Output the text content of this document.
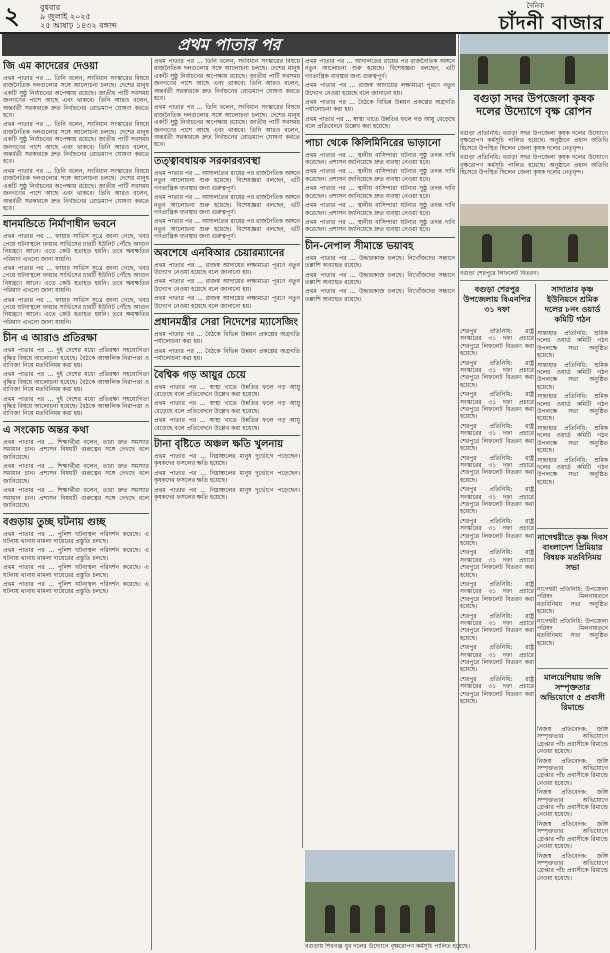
২	বুধবার
৯ জুলাই ২০২৫
২৫ আষাঢ় ১৪৩২ বঙ্গাব্দ
দৈনিক
চাঁদনী বাজার
প্রথম পাতার পর
জি এম কাদেরের দেওয়া

প্রথম পাতার পর ... তিনি বলেন, সংবিধান সংস্কারের বিষয়ে রাজনৈতিক দলগুলোর সঙ্গে আলোচনা চলছে। দেশের মানুষ একটি সুষ্ঠু নির্বাচনের অপেক্ষায় রয়েছে। জাতীয় পার্টি সবসময় জনগণের পাশে আছে এবং থাকবে। তিনি আরও বলেন, অন্তর্বর্তী সরকারকে দ্রুত নির্বাচনের রোডম্যাপ ঘোষণা করতে হবে।

প্রথম পাতার পর ... তিনি বলেন, সংবিধান সংস্কারের বিষয়ে রাজনৈতিক দলগুলোর সঙ্গে আলোচনা চলছে। দেশের মানুষ একটি সুষ্ঠু নির্বাচনের অপেক্ষায় রয়েছে। জাতীয় পার্টি সবসময় জনগণের পাশে আছে এবং থাকবে। তিনি আরও বলেন, অন্তর্বর্তী সরকারকে দ্রুত নির্বাচনের রোডম্যাপ ঘোষণা করতে হবে।

প্রথম পাতার পর ... তিনি বলেন, সংবিধান সংস্কারের বিষয়ে রাজনৈতিক দলগুলোর সঙ্গে আলোচনা চলছে। দেশের মানুষ একটি সুষ্ঠু নির্বাচনের অপেক্ষায় রয়েছে। জাতীয় পার্টি সবসময় জনগণের পাশে আছে এবং থাকবে। তিনি আরও বলেন, অন্তর্বর্তী সরকারকে দ্রুত নির্বাচনের রোডম্যাপ ঘোষণা করতে হবে।

ধানমন্ডিতে নির্মাণাধীন ভবনে

প্রথম পাতার পর ... ফায়ার সার্ভিস সূত্রে জানা গেছে, খবর পেয়ে ঘটনাস্থলে ফায়ার সার্ভিসের চারটি ইউনিট পৌঁছে আগুন নিয়ন্ত্রণে আনে। এতে কেউ হতাহত হয়নি। তবে ক্ষয়ক্ষতির পরিমাণ এখনো জানা যায়নি।

প্রথম পাতার পর ... ফায়ার সার্ভিস সূত্রে জানা গেছে, খবর পেয়ে ঘটনাস্থলে ফায়ার সার্ভিসের চারটি ইউনিট পৌঁছে আগুন নিয়ন্ত্রণে আনে। এতে কেউ হতাহত হয়নি। তবে ক্ষয়ক্ষতির পরিমাণ এখনো জানা যায়নি।

প্রথম পাতার পর ... ফায়ার সার্ভিস সূত্রে জানা গেছে, খবর পেয়ে ঘটনাস্থলে ফায়ার সার্ভিসের চারটি ইউনিট পৌঁছে আগুন নিয়ন্ত্রণে আনে। এতে কেউ হতাহত হয়নি। তবে ক্ষয়ক্ষতির পরিমাণ এখনো জানা যায়নি।

চীন এ আরাও প্রতিরক্ষা

প্রথম পাতার পর ... দুই দেশের মধ্যে প্রতিরক্ষা সহযোগিতা বৃদ্ধির বিষয়ে আলোচনা হয়েছে। বৈঠকে আঞ্চলিক নিরাপত্তা ও বাণিজ্য নিয়ে মতবিনিময় করা হয়।

প্রথম পাতার পর ... দুই দেশের মধ্যে প্রতিরক্ষা সহযোগিতা বৃদ্ধির বিষয়ে আলোচনা হয়েছে। বৈঠকে আঞ্চলিক নিরাপত্তা ও বাণিজ্য নিয়ে মতবিনিময় করা হয়।

প্রথম পাতার পর ... দুই দেশের মধ্যে প্রতিরক্ষা সহযোগিতা বৃদ্ধির বিষয়ে আলোচনা হয়েছে। বৈঠকে আঞ্চলিক নিরাপত্তা ও বাণিজ্য নিয়ে মতবিনিময় করা হয়।

এ সংকোচ অন্তর কথা

প্রথম পাতার পর ... শিক্ষার্থীরা বলেন, তারা দ্রুত সমস্যার সমাধান চান। প্রশাসন বিষয়টি গুরুত্বের সঙ্গে দেখছে বলে জানিয়েছে।

প্রথম পাতার পর ... শিক্ষার্থীরা বলেন, তারা দ্রুত সমস্যার সমাধান চান। প্রশাসন বিষয়টি গুরুত্বের সঙ্গে দেখছে বলে জানিয়েছে।

প্রথম পাতার পর ... শিক্ষার্থীরা বলেন, তারা দ্রুত সমস্যার সমাধান চান। প্রশাসন বিষয়টি গুরুত্বের সঙ্গে দেখছে বলে জানিয়েছে।

বগুড়ায় তুচ্ছ ঘটনায় গুচ্ছ

প্রথম পাতার পর ... পুলিশ ঘটনাস্থল পরিদর্শন করেছে। এ ঘটনায় থানায় মামলা দায়েরের প্রস্তুতি চলছে।

প্রথম পাতার পর ... পুলিশ ঘটনাস্থল পরিদর্শন করেছে। এ ঘটনায় থানায় মামলা দায়েরের প্রস্তুতি চলছে।

প্রথম পাতার পর ... পুলিশ ঘটনাস্থল পরিদর্শন করেছে। এ ঘটনায় থানায় মামলা দায়েরের প্রস্তুতি চলছে।

প্রথম পাতার পর ... পুলিশ ঘটনাস্থল পরিদর্শন করেছে। এ ঘটনায় থানায় মামলা দায়েরের প্রস্তুতি চলছে।

প্রথম পাতার পর ... তিনি বলেন, সংবিধান সংস্কারের বিষয়ে রাজনৈতিক দলগুলোর সঙ্গে আলোচনা চলছে। দেশের মানুষ একটি সুষ্ঠু নির্বাচনের অপেক্ষায় রয়েছে। জাতীয় পার্টি সবসময় জনগণের পাশে আছে এবং থাকবে। তিনি আরও বলেন, অন্তর্বর্তী সরকারকে দ্রুত নির্বাচনের রোডম্যাপ ঘোষণা করতে হবে।

প্রথম পাতার পর ... তিনি বলেন, সংবিধান সংস্কারের বিষয়ে রাজনৈতিক দলগুলোর সঙ্গে আলোচনা চলছে। দেশের মানুষ একটি সুষ্ঠু নির্বাচনের অপেক্ষায় রয়েছে। জাতীয় পার্টি সবসময় জনগণের পাশে আছে এবং থাকবে। তিনি আরও বলেন, অন্তর্বর্তী সরকারকে দ্রুত নির্বাচনের রোডম্যাপ ঘোষণা করতে হবে।

তত্ত্বাবধায়ক সরকারব্যবস্থা

প্রথম পাতার পর ... আদালতের রায়ের পর রাজনৈতিক অঙ্গনে নতুন আলোচনা শুরু হয়েছে। বিশেষজ্ঞরা বলছেন, এটি গণতান্ত্রিক ব্যবস্থার জন্য গুরুত্বপূর্ণ।

প্রথম পাতার পর ... আদালতের রায়ের পর রাজনৈতিক অঙ্গনে নতুন আলোচনা শুরু হয়েছে। বিশেষজ্ঞরা বলছেন, এটি গণতান্ত্রিক ব্যবস্থার জন্য গুরুত্বপূর্ণ।

প্রথম পাতার পর ... আদালতের রায়ের পর রাজনৈতিক অঙ্গনে নতুন আলোচনা শুরু হয়েছে। বিশেষজ্ঞরা বলছেন, এটি গণতান্ত্রিক ব্যবস্থার জন্য গুরুত্বপূর্ণ।

অবশেষে এনবিআর চেয়ারম্যানের

প্রথম পাতার পর ... রাজস্ব আদায়ের লক্ষ্যমাত্রা পূরণে নতুন উদ্যোগ নেওয়া হয়েছে বলে জানানো হয়।

প্রথম পাতার পর ... রাজস্ব আদায়ের লক্ষ্যমাত্রা পূরণে নতুন উদ্যোগ নেওয়া হয়েছে বলে জানানো হয়।

প্রথম পাতার পর ... রাজস্ব আদায়ের লক্ষ্যমাত্রা পূরণে নতুন উদ্যোগ নেওয়া হয়েছে বলে জানানো হয়।

প্রধানমন্ত্রীর সেরা নিদেশের ম্যাসেজিং

প্রথম পাতার পর ... বৈঠকে বিভিন্ন উন্নয়ন প্রকল্পের অগ্রগতি পর্যালোচনা করা হয়।

প্রথম পাতার পর ... বৈঠকে বিভিন্ন উন্নয়ন প্রকল্পের অগ্রগতি পর্যালোচনা করা হয়।

বৈশ্বিক গড় আয়ুর চেয়ে

প্রথম পাতার পর ... স্বাস্থ্য খাতে উন্নতির ফলে গড় আয়ু বেড়েছে বলে প্রতিবেদনে উল্লেখ করা হয়েছে।

প্রথম পাতার পর ... স্বাস্থ্য খাতে উন্নতির ফলে গড় আয়ু বেড়েছে বলে প্রতিবেদনে উল্লেখ করা হয়েছে।

প্রথম পাতার পর ... স্বাস্থ্য খাতে উন্নতির ফলে গড় আয়ু বেড়েছে বলে প্রতিবেদনে উল্লেখ করা হয়েছে।

টানা বৃষ্টিতে অঞ্চল ক্ষতি খুলনায়

প্রথম পাতার পর ... নিম্নাঞ্চলের মানুষ দুর্ভোগে পড়েছেন। কৃষকদের ফসলের ক্ষতি হয়েছে।

প্রথম পাতার পর ... নিম্নাঞ্চলের মানুষ দুর্ভোগে পড়েছেন। কৃষকদের ফসলের ক্ষতি হয়েছে।

প্রথম পাতার পর ... নিম্নাঞ্চলের মানুষ দুর্ভোগে পড়েছেন। কৃষকদের ফসলের ক্ষতি হয়েছে।

প্রথম পাতার পর ... আদালতের রায়ের পর রাজনৈতিক অঙ্গনে নতুন আলোচনা শুরু হয়েছে। বিশেষজ্ঞরা বলছেন, এটি গণতান্ত্রিক ব্যবস্থার জন্য গুরুত্বপূর্ণ।

প্রথম পাতার পর ... রাজস্ব আদায়ের লক্ষ্যমাত্রা পূরণে নতুন উদ্যোগ নেওয়া হয়েছে বলে জানানো হয়।

প্রথম পাতার পর ... বৈঠকে বিভিন্ন উন্নয়ন প্রকল্পের অগ্রগতি পর্যালোচনা করা হয়।

প্রথম পাতার পর ... স্বাস্থ্য খাতে উন্নতির ফলে গড় আয়ু বেড়েছে বলে প্রতিবেদনে উল্লেখ করা হয়েছে।

পাচা থেকে কিলিমিনিরের ভাড়ানো

প্রথম পাতার পর ... স্থানীয় বাসিন্দারা ঘটনার সুষ্ঠু তদন্ত দাবি করেছেন। প্রশাসন জানিয়েছে দ্রুত ব্যবস্থা নেওয়া হবে।

প্রথম পাতার পর ... স্থানীয় বাসিন্দারা ঘটনার সুষ্ঠু তদন্ত দাবি করেছেন। প্রশাসন জানিয়েছে দ্রুত ব্যবস্থা নেওয়া হবে।

প্রথম পাতার পর ... স্থানীয় বাসিন্দারা ঘটনার সুষ্ঠু তদন্ত দাবি করেছেন। প্রশাসন জানিয়েছে দ্রুত ব্যবস্থা নেওয়া হবে।

প্রথম পাতার পর ... স্থানীয় বাসিন্দারা ঘটনার সুষ্ঠু তদন্ত দাবি করেছেন। প্রশাসন জানিয়েছে দ্রুত ব্যবস্থা নেওয়া হবে।

প্রথম পাতার পর ... স্থানীয় বাসিন্দারা ঘটনার সুষ্ঠু তদন্ত দাবি করেছেন। প্রশাসন জানিয়েছে দ্রুত ব্যবস্থা নেওয়া হবে।

চীন-নেপাল সীমান্তে ভয়াবহ

প্রথম পাতার পর ... উদ্ধারকাজ চলছে। নিখোঁজদের সন্ধানে তল্লাশি অব্যাহত রয়েছে।

প্রথম পাতার পর ... উদ্ধারকাজ চলছে। নিখোঁজদের সন্ধানে তল্লাশি অব্যাহত রয়েছে।

প্রথম পাতার পর ... উদ্ধারকাজ চলছে। নিখোঁজদের সন্ধানে তল্লাশি অব্যাহত রয়েছে।

বগুড়ায় শিবগঞ্জ যুব দলের উদ্যোগে বৃক্ষরোপণ কর্মসূচি পালিত হয়েছে।
বগুড়া সদর উপজেলা কৃষক দলের উদ্যোগে বৃক্ষ রোপন

বগুড়া প্রতিনিধি: বগুড়া সদর উপজেলা কৃষক দলের উদ্যোগে বৃক্ষরোপণ কর্মসূচি পালিত হয়েছে। অনুষ্ঠানে প্রধান অতিথি হিসেবে উপস্থিত ছিলেন জেলা কৃষক দলের নেতৃবৃন্দ।

বগুড়া প্রতিনিধি: বগুড়া সদর উপজেলা কৃষক দলের উদ্যোগে বৃক্ষরোপণ কর্মসূচি পালিত হয়েছে। অনুষ্ঠানে প্রধান অতিথি হিসেবে উপস্থিত ছিলেন জেলা কৃষক দলের নেতৃবৃন্দ।

বগুড়া শেরপুরে লিফলেট বিতরণ।
বগুড়া শেরপুর উপজেলায় বিএনপির ৩১ দফা

শেরপুর প্রতিনিধি: রাষ্ট্র সংস্কারের ৩১ দফা প্রচারে শেরপুরে লিফলেট বিতরণ করা হয়েছে।

শেরপুর প্রতিনিধি: রাষ্ট্র সংস্কারের ৩১ দফা প্রচারে শেরপুরে লিফলেট বিতরণ করা হয়েছে।

শেরপুর প্রতিনিধি: রাষ্ট্র সংস্কারের ৩১ দফা প্রচারে শেরপুরে লিফলেট বিতরণ করা হয়েছে।

শেরপুর প্রতিনিধি: রাষ্ট্র সংস্কারের ৩১ দফা প্রচারে শেরপুরে লিফলেট বিতরণ করা হয়েছে।

শেরপুর প্রতিনিধি: রাষ্ট্র সংস্কারের ৩১ দফা প্রচারে শেরপুরে লিফলেট বিতরণ করা হয়েছে।

শেরপুর প্রতিনিধি: রাষ্ট্র সংস্কারের ৩১ দফা প্রচারে শেরপুরে লিফলেট বিতরণ করা হয়েছে।

শেরপুর প্রতিনিধি: রাষ্ট্র সংস্কারের ৩১ দফা প্রচারে শেরপুরে লিফলেট বিতরণ করা হয়েছে।

শেরপুর প্রতিনিধি: রাষ্ট্র সংস্কারের ৩১ দফা প্রচারে শেরপুরে লিফলেট বিতরণ করা হয়েছে।

শেরপুর প্রতিনিধি: রাষ্ট্র সংস্কারের ৩১ দফা প্রচারে শেরপুরে লিফলেট বিতরণ করা হয়েছে।

শেরপুর প্রতিনিধি: রাষ্ট্র সংস্কারের ৩১ দফা প্রচারে শেরপুরে লিফলেট বিতরণ করা হয়েছে।

শেরপুর প্রতিনিধি: রাষ্ট্র সংস্কারের ৩১ দফা প্রচারে শেরপুরে লিফলেট বিতরণ করা হয়েছে।

শেরপুর প্রতিনিধি: রাষ্ট্র সংস্কারের ৩১ দফা প্রচারে শেরপুরে লিফলেট বিতরণ করা হয়েছে।

সাদাতার কৃষ্ণ ইউনিয়নে শ্রমিক দলের ৮নং ওয়ার্ড কমিটি গঠন

সান্তাহার প্রতিনিধি: শ্রমিক দলের ওয়ার্ড কমিটি গঠন উপলক্ষে সভা অনুষ্ঠিত হয়েছে।

সান্তাহার প্রতিনিধি: শ্রমিক দলের ওয়ার্ড কমিটি গঠন উপলক্ষে সভা অনুষ্ঠিত হয়েছে।

সান্তাহার প্রতিনিধি: শ্রমিক দলের ওয়ার্ড কমিটি গঠন উপলক্ষে সভা অনুষ্ঠিত হয়েছে।

সান্তাহার প্রতিনিধি: শ্রমিক দলের ওয়ার্ড কমিটি গঠন উপলক্ষে সভা অনুষ্ঠিত হয়েছে।

সান্তাহার প্রতিনিধি: শ্রমিক দলের ওয়ার্ড কমিটি গঠন উপলক্ষে সভা অনুষ্ঠিত হয়েছে।

নাগেশ্বরীতে কৃষ্ণ দিবস বাংলাদেশ প্রিমিয়ার বিষয়ক মতবিনিময় সভা

নাগেশ্বরী প্রতিনিধি: উপজেলা পরিষদ মিলনায়তনে মতবিনিময় সভা অনুষ্ঠিত হয়েছে।

নাগেশ্বরী প্রতিনিধি: উপজেলা পরিষদ মিলনায়তনে মতবিনিময় সভা অনুষ্ঠিত হয়েছে।

মালয়েশিয়ায় জঙ্গি সম্পৃক্ততার অভিযোগে ৫ প্রবাসী রিমান্ডে

নিজস্ব প্রতিবেদক: জঙ্গি সম্পৃক্ততার অভিযোগে গ্রেপ্তার পাঁচ প্রবাসীকে রিমান্ডে নেওয়া হয়েছে।

নিজস্ব প্রতিবেদক: জঙ্গি সম্পৃক্ততার অভিযোগে গ্রেপ্তার পাঁচ প্রবাসীকে রিমান্ডে নেওয়া হয়েছে।

নিজস্ব প্রতিবেদক: জঙ্গি সম্পৃক্ততার অভিযোগে গ্রেপ্তার পাঁচ প্রবাসীকে রিমান্ডে নেওয়া হয়েছে।

নিজস্ব প্রতিবেদক: জঙ্গি সম্পৃক্ততার অভিযোগে গ্রেপ্তার পাঁচ প্রবাসীকে রিমান্ডে নেওয়া হয়েছে।

নিজস্ব প্রতিবেদক: জঙ্গি সম্পৃক্ততার অভিযোগে গ্রেপ্তার পাঁচ প্রবাসীকে রিমান্ডে নেওয়া হয়েছে।
